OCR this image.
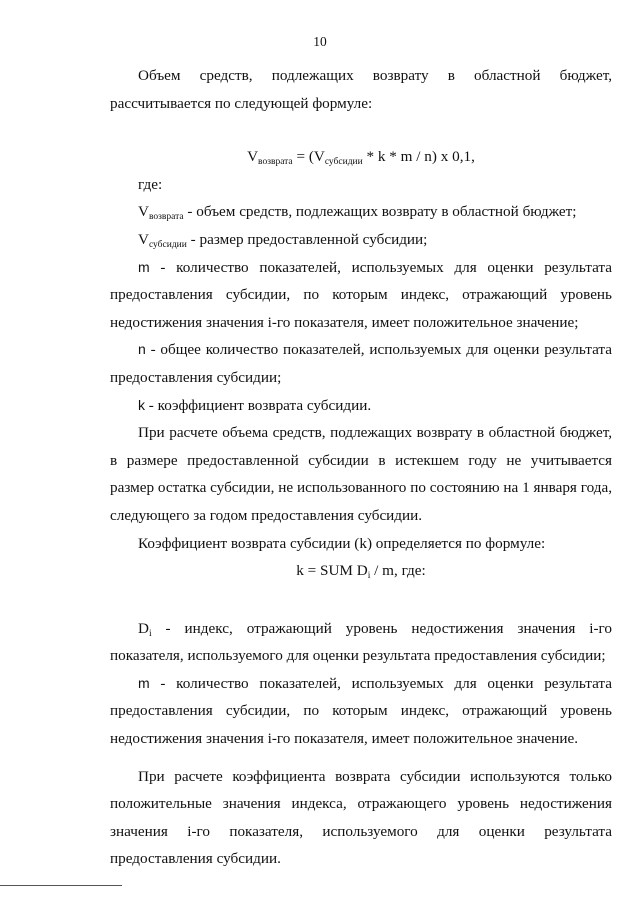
10

Объем средств, подлежащих возврату в областной бюджет, рассчитывается по следующей формуле:

$V_{возврата} = (V_{субсидии} * k * m / n)$ x 0,1,

где:

$V_{возврата}$ - объем средств, подлежащих возврату в областной бюджет;

$V_{субсидии}$ - размер предоставленной субсидии;

m - количество показателей, используемых для оценки результата предоставления субсидии, по которым индекс, отражающий уровень недостижения значения i-го показателя, имеет положительное значение;

n - общее количество показателей, используемых для оценки результата предоставления субсидии;

k - коэффициент возврата субсидии.

При расчете объема средств, подлежащих возврату в областной бюджет, в размере предоставленной субсидии в истекшем году не учитывается размер остатка субсидии, не использованного по состоянию на 1 января года, следующего за годом предоставления субсидии.

Коэффициент возврата субсидии (k) определяется по формуле:

k = SUM $D_i$ / m, где:

$D_i$ - индекс, отражающий уровень недостижения значения i-го показателя, используемого для оценки результата предоставления субсидии;

m - количество показателей, используемых для оценки результата предоставления субсидии, по которым индекс, отражающий уровень недостижения значения i-го показателя, имеет положительное значение.

При расчете коэффициента возврата субсидии используются только положительные значения индекса, отражающего уровень недостижения значения i-го показателя, используемого для оценки результата предоставления субсидии.
